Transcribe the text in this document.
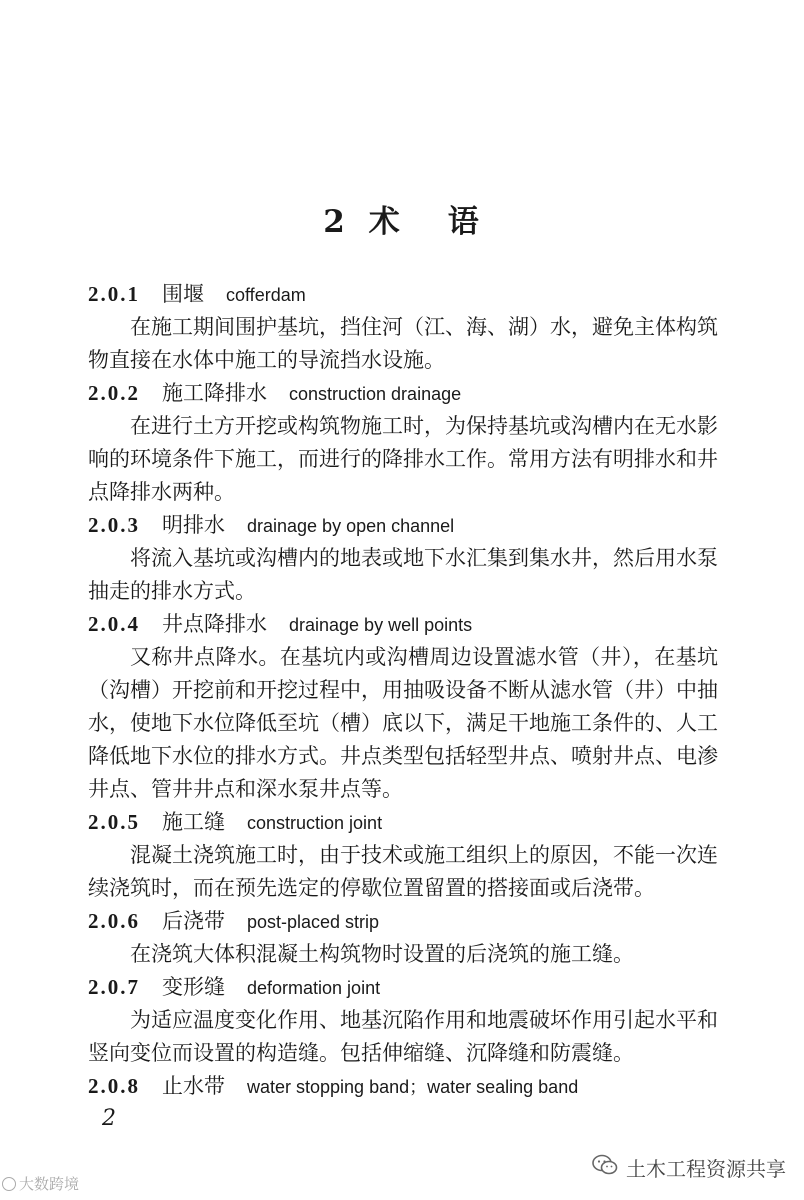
2 术 语
2.0.1 围堰 cofferdam

在施工期间围护基坑，挡住河（江、海、湖）水，避免主体构筑物直接在水体中施工的导流挡水设施。

2.0.2 施工降排水 construction drainage

在进行土方开挖或构筑物施工时，为保持基坑或沟槽内在无水影响的环境条件下施工，而进行的降排水工作。常用方法有明排水和井点降排水两种。

2.0.3 明排水 drainage by open channel

将流入基坑或沟槽内的地表或地下水汇集到集水井，然后用水泵抽走的排水方式。

2.0.4 井点降排水 drainage by well points

又称井点降水。在基坑内或沟槽周边设置滤水管（井），在基坑（沟槽）开挖前和开挖过程中，用抽吸设备不断从滤水管（井）中抽水，使地下水位降低至坑（槽）底以下，满足干地施工条件的、人工降低地下水位的排水方式。井点类型包括轻型井点、喷射井点、电渗井点、管井井点和深水泵井点等。

2.0.5 施工缝 construction joint

混凝土浇筑施工时，由于技术或施工组织上的原因，不能一次连续浇筑时，而在预先选定的停歇位置留置的搭接面或后浇带。

2.0.6 后浇带 post-placed strip

在浇筑大体积混凝土构筑物时设置的后浇筑的施工缝。

2.0.7 变形缝 deformation joint

为适应温度变化作用、地基沉陷作用和地震破坏作用引起水平和竖向变位而设置的构造缝。包括伸缩缝、沉降缝和防震缝。

2.0.8 止水带 water stopping band；water sealing band
2
大数跨境
土木工程资源共享
